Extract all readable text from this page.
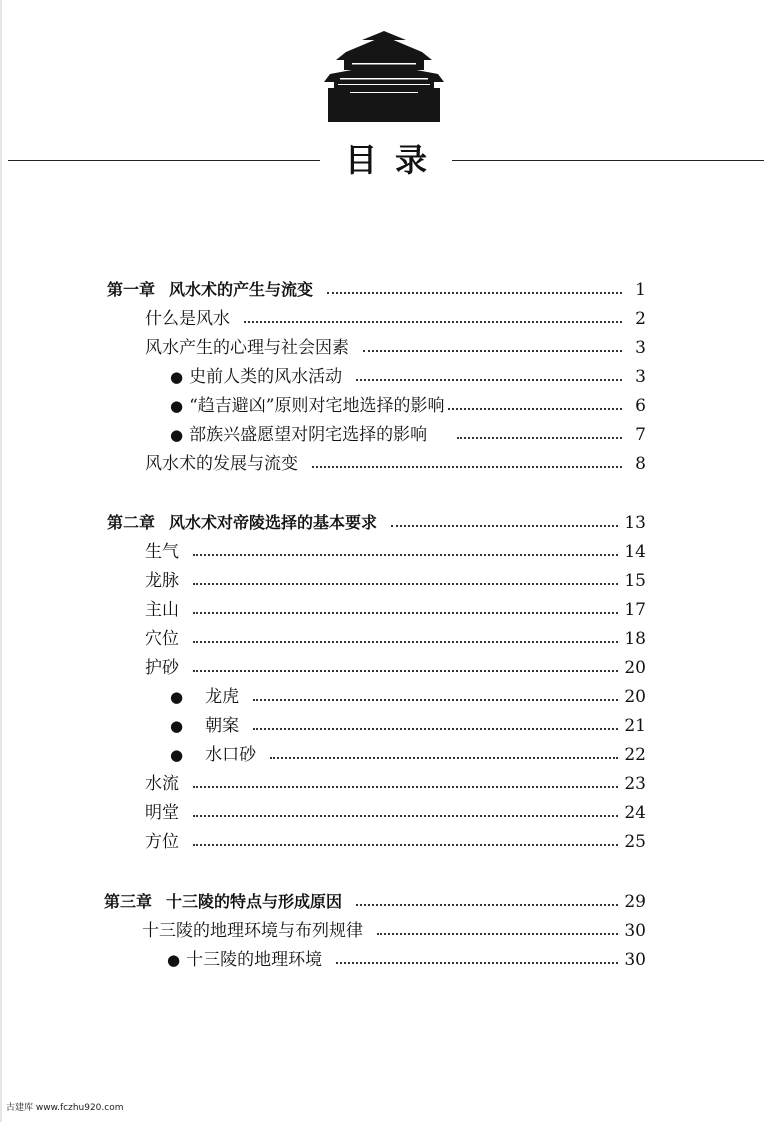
目录
第一章 风水术的产生与流变	1
什么是风水	2
风水产生的心理与社会因素	3
● 史前人类的风水活动	3
● “趋吉避凶”原则对宅地选择的影响	6
● 部族兴盛愿望对阴宅选择的影响	7
风水术的发展与流变	8
第二章 风水术对帝陵选择的基本要求	13
生气	14
龙脉	15
主山	17
穴位	18
护砂	20
● 龙虎	20
● 朝案	21
● 水口砂	22
水流	23
明堂	24
方位	25
第三章 十三陵的特点与形成原因	29
十三陵的地理环境与布列规律	30
● 十三陵的地理环境	30
古建库 www.fczhu920.com
